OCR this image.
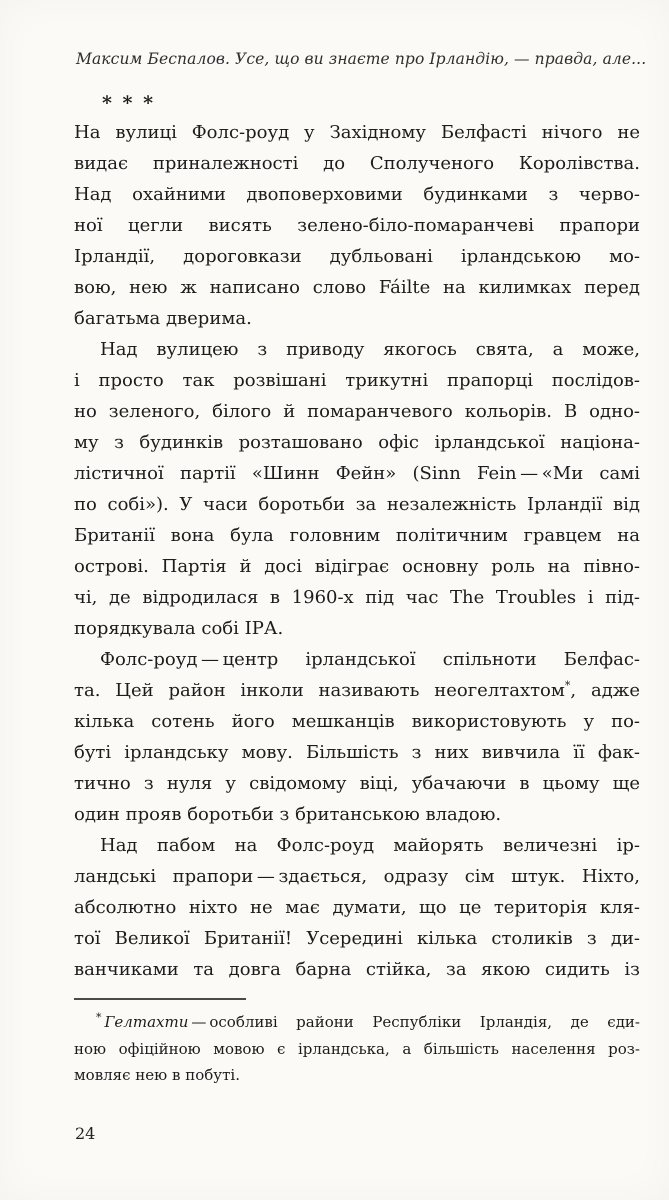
Максим Беспалов. Усе, що ви знаєте про Ірландію, — правда, але...
* * *
На вулиці Фолс-роуд у Західному Белфасті нічого не
видає приналежності до Сполученого Королівства.
Над охайними двоповерховими будинками з черво-
ної цегли висять зелено-біло-помаранчеві прапори
Ірландії, дороговкази дубльовані ірландською мо-
вою, нею ж написано слово Fáilte на килимках перед
багатьма дверима.
Над вулицею з приводу якогось свята, а може,
і просто так розвішані трикутні прапорці послідов-
но зеленого, білого й помаранчевого кольорів. В одно-
му з будинків розташовано офіс ірландської націона-
лістичної партії «Шинн Фейн» (Sinn Fein — «Ми самі
по собі»). У часи боротьби за незалежність Ірландії від
Британії вона була головним політичним гравцем на
острові. Партія й досі відіграє основну роль на півно-
чі, де відродилася в 1960-х під час The Troubles і під-
порядкувала собі ІРА.
Фолс-роуд — центр ірландської спільноти Белфас-
та. Цей район інколи називають неогелтахтом*, адже
кілька сотень його мешканців використовують у по-
буті ірландську мову. Більшість з них вивчила її фак-
тично з нуля у свідомому віці, убачаючи в цьому ще
один прояв боротьби з британською владою.
Над пабом на Фолс-роуд майорять величезні ір-
ландські прапори — здається, одразу сім штук. Ніхто,
абсолютно ніхто не має думати, що це територія кля-
тої Великої Британії! Усередині кілька столиків з ди-
ванчиками та довга барна стійка, за якою сидить із
* Гелтахти — особливі райони Республіки Ірландія, де єди-
ною офіційною мовою є ірландська, а більшість населення роз-
мовляє нею в побуті.
24
